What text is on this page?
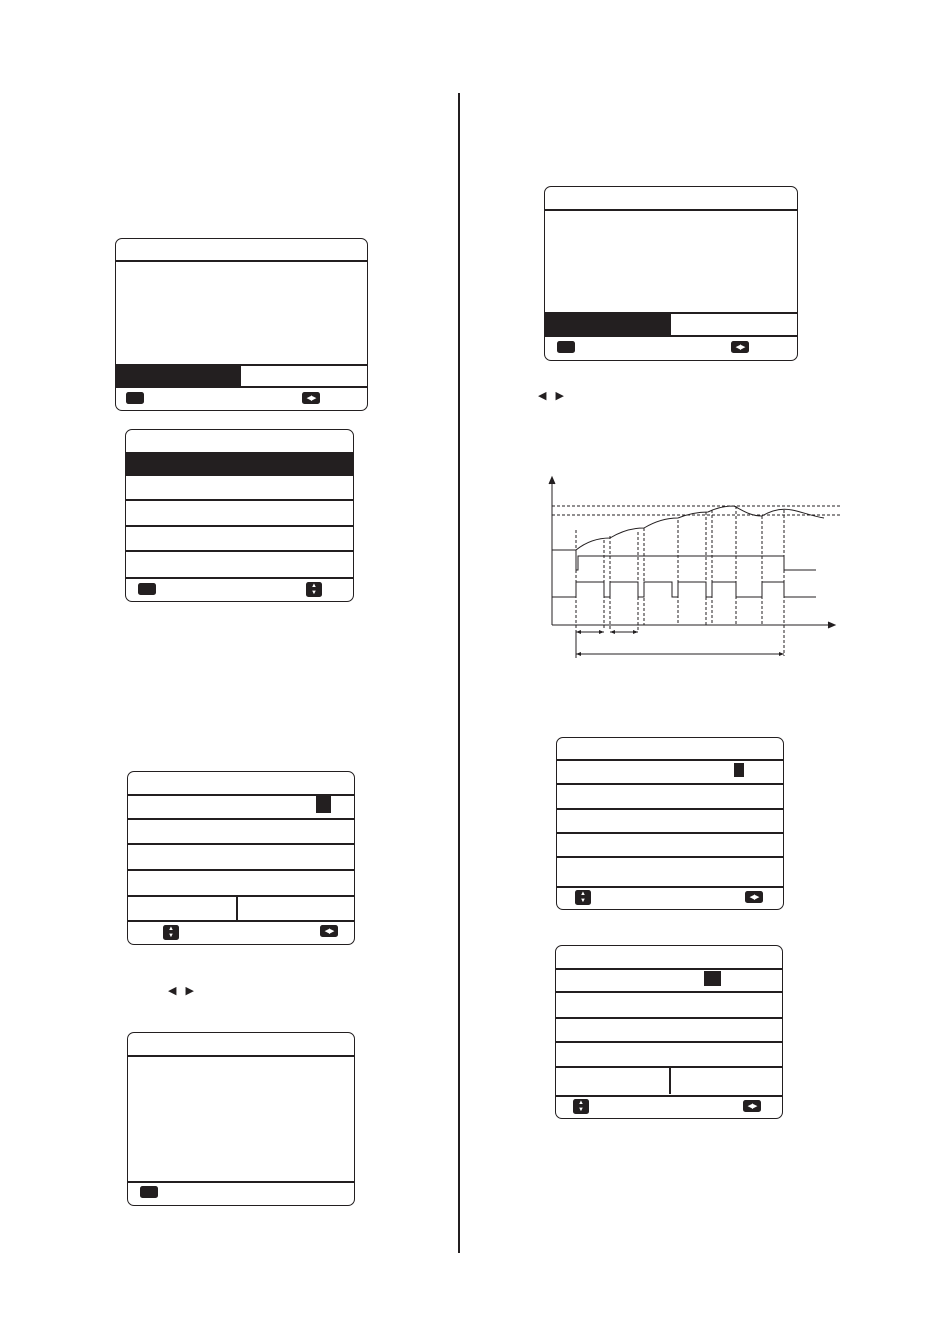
◀▶
▲
▼
▲
▼
◀▶
◀ ▶
◀▶
◀ ▶
▲
▼	◀▶
▲
▼	◀▶
